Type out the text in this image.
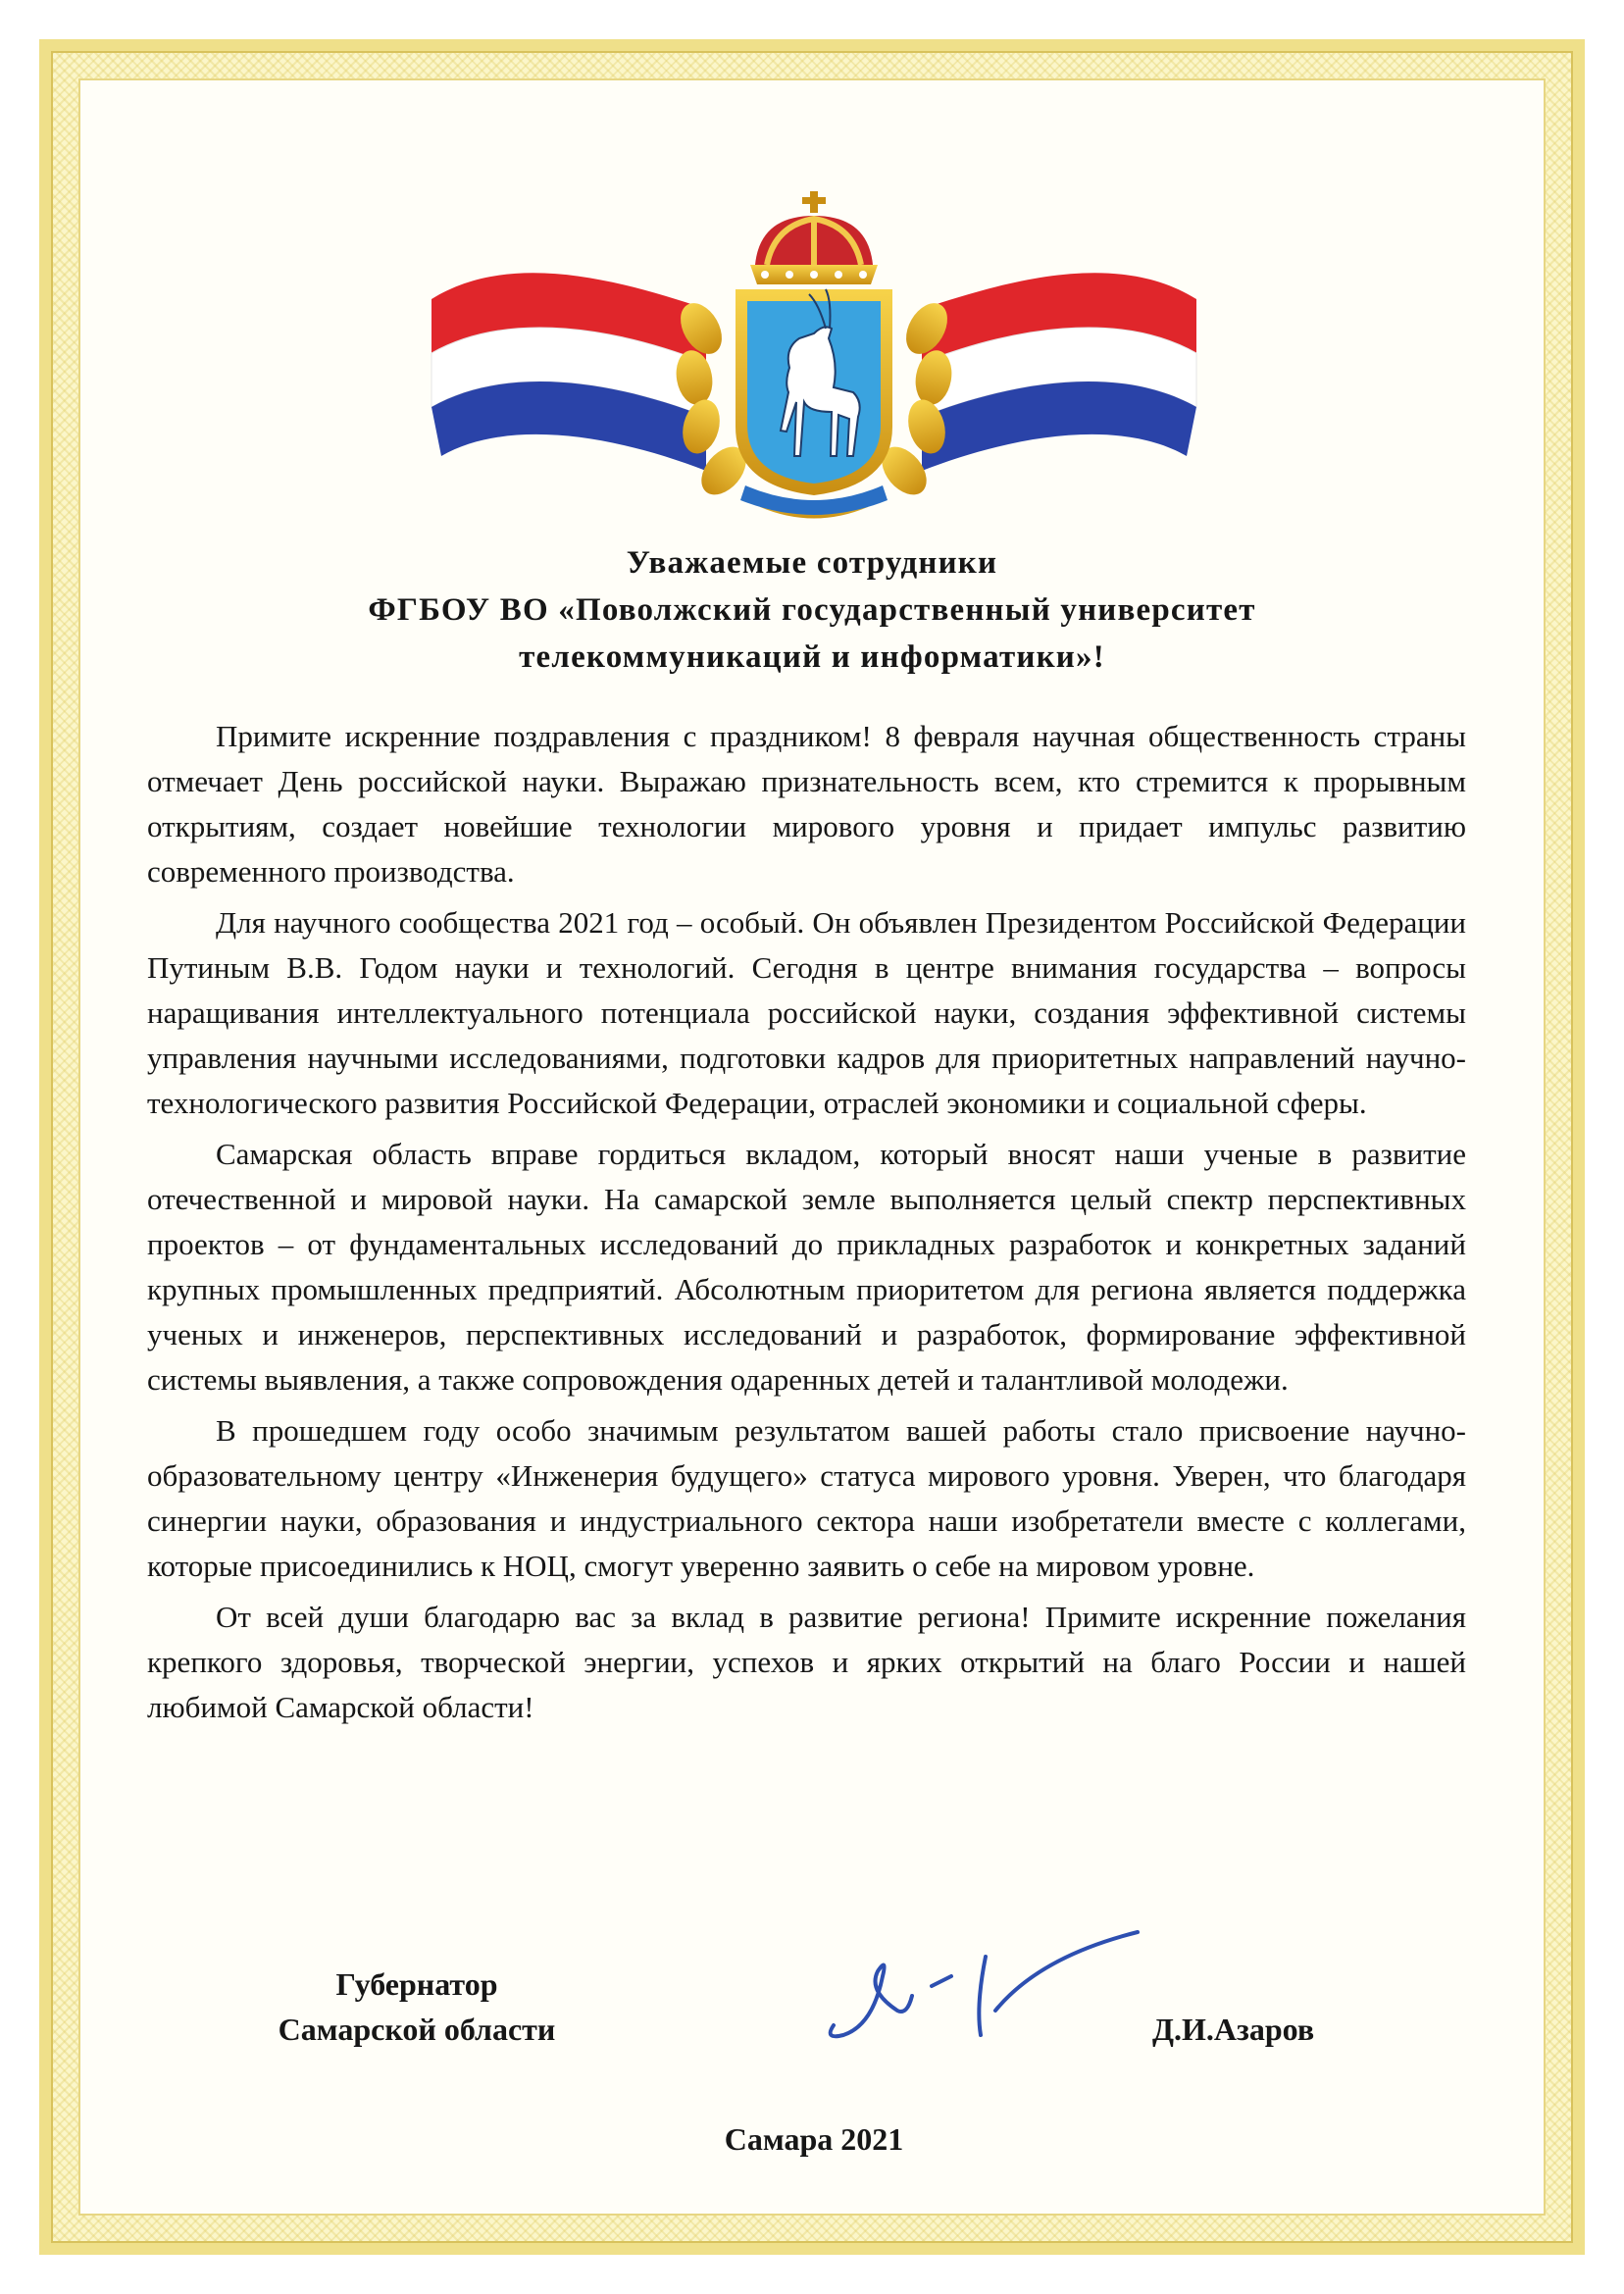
Уважаемые сотрудники
ФГБОУ ВО «Поволжский государственный университет
телекоммуникаций и информатики»!

Примите искренние поздравления с праздником! 8 февраля научная общественность страны отмечает День российской науки. Выражаю признательность всем, кто стремится к прорывным открытиям, создает новейшие технологии мирового уровня и придает импульс развитию современного производства.

Для научного сообщества 2021 год – особый. Он объявлен Президентом Российской Федерации Путиным В.В. Годом науки и технологий. Сегодня в центре внимания государства – вопросы наращивания интеллектуального потенциала российской науки, создания эффективной системы управления научными исследованиями, подготовки кадров для приоритетных направлений научно-технологического развития Российской Федерации, отраслей экономики и социальной сферы.

Самарская область вправе гордиться вкладом, который вносят наши ученые в развитие отечественной и мировой науки. На самарской земле выполняется целый спектр перспективных проектов – от фундаментальных исследований до прикладных разработок и конкретных заданий крупных промышленных предприятий. Абсолютным приоритетом для региона является поддержка ученых и инженеров, перспективных исследований и разработок, формирование эффективной системы выявления, а также сопровождения одаренных детей и талантливой молодежи.

В прошедшем году особо значимым результатом вашей работы стало присвоение научно-образовательному центру «Инженерия будущего» статуса мирового уровня. Уверен, что благодаря синергии науки, образования и индустриального сектора наши изобретатели вместе с коллегами, которые присоединились к НОЦ, смогут уверенно заявить о себе на мировом уровне.

От всей души благодарю вас за вклад в развитие региона! Примите искренние пожелания крепкого здоровья, творческой энергии, успехов и ярких открытий на благо России и нашей любимой Самарской области!

Губернатор
Самарской области	Д.И.Азаров
Самара 2021
